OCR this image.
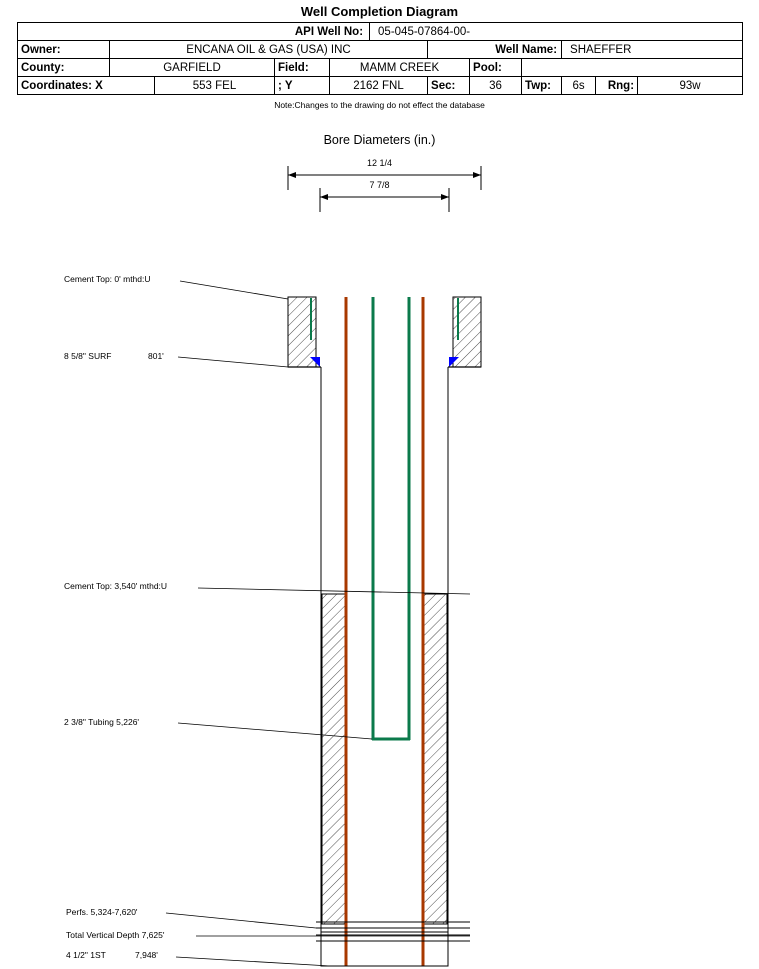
Well Completion Diagram
API Well No:					05-045-07864-00-						
Owner:	ENCANA OIL & GAS (USA) INC					Well Name:			SHAEFFER		
County:	GARFIELD		Field:	MAMM CREEK			Pool:				
Coordinates: X		553 FEL	; Y	2162 FNL		Sec:	36	Twp:	6s	Rng:	93w
Note:Changes to the drawing do not effect the database
Bore Diameters (in.)
12 1/4
7 7/8
Cement Top: 0' mthd:U
8 5/8" SURF	801'
Cement Top: 3,540' mthd:U
2 3/8" Tubing 5,226'
Perfs. 5,324-7,620'
Total Vertical Depth 7,625'
4 1/2" 1ST	7,948'
